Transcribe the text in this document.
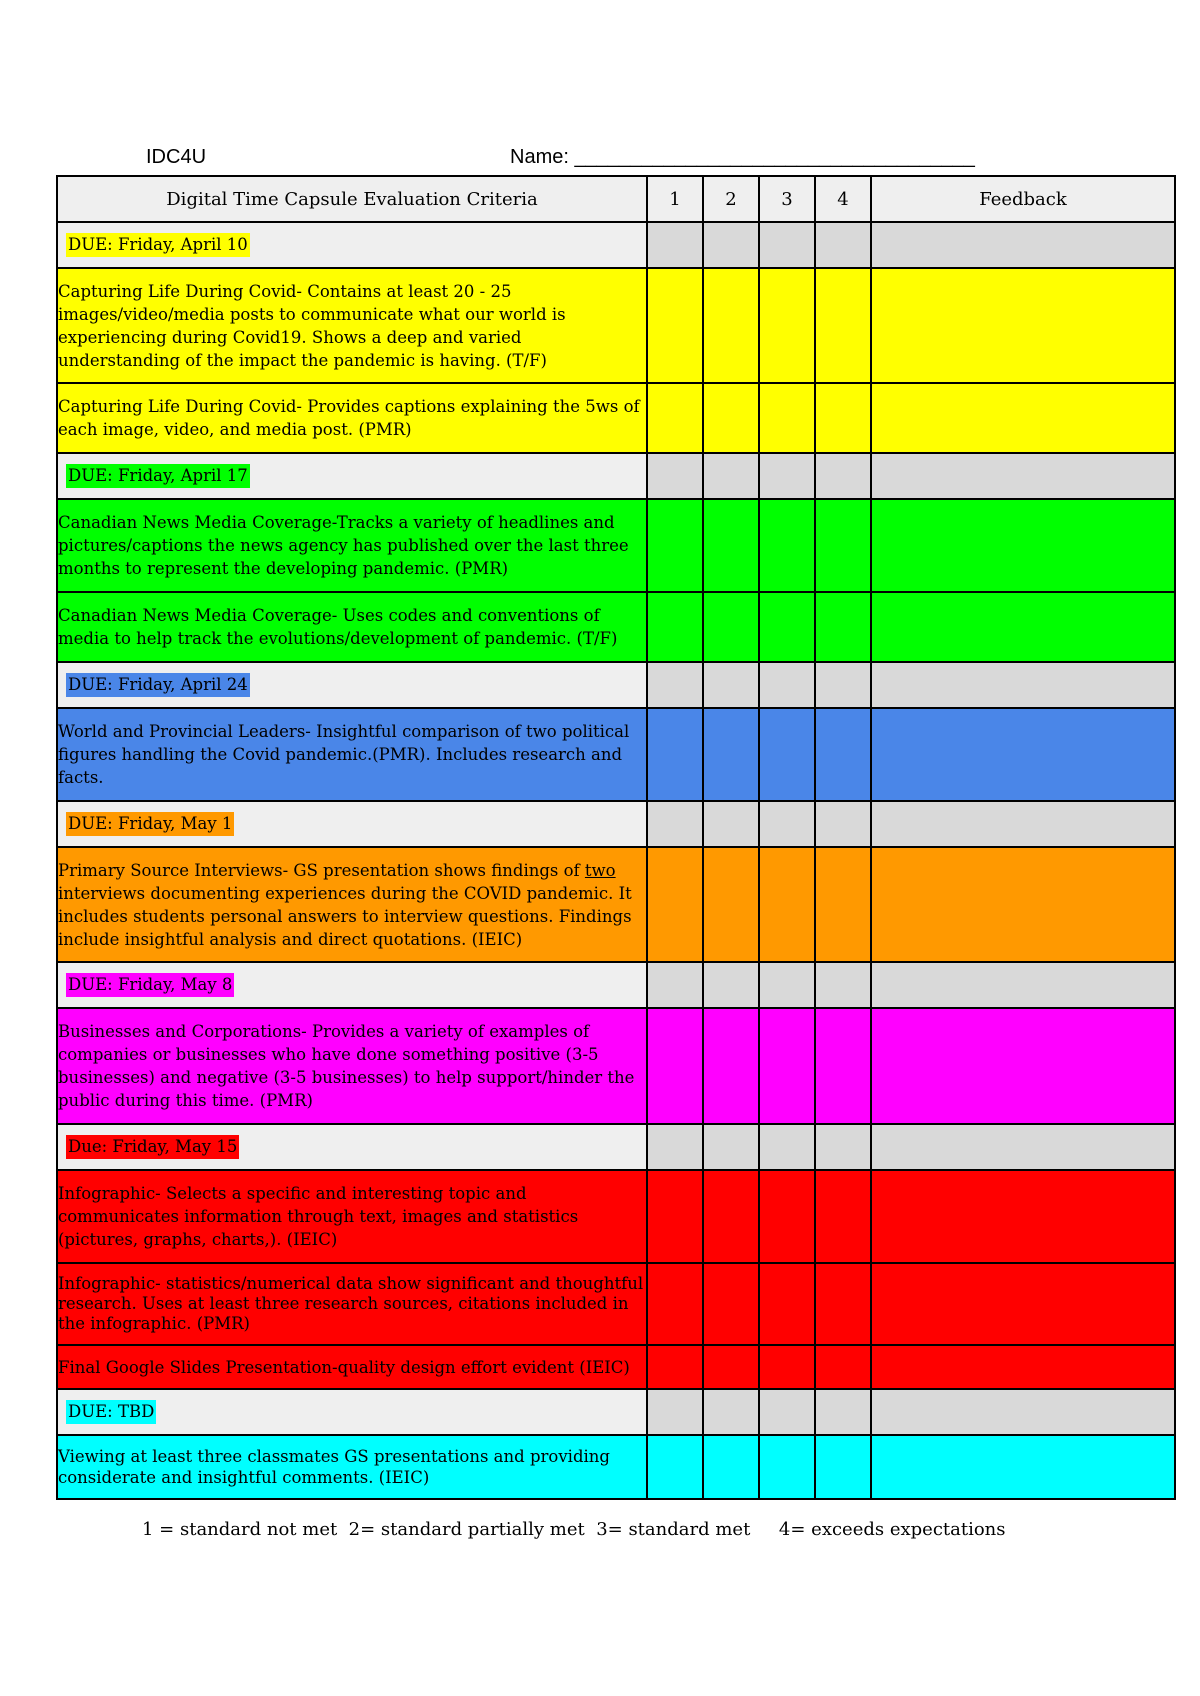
IDC4U	Name: ____________________________________
Digital Time Capsule Evaluation Criteria	1	2	3	4	Feedback
DUE: Friday, April 10					
Capturing Life During Covid- Contains at least 20 - 25 images/video/media posts to communicate what our world is experiencing during Covid19. Shows a deep and varied understanding of the impact the pandemic is having. (T/F)					
Capturing Life During Covid- Provides captions explaining the 5ws of each image, video, and media post. (PMR)					
DUE: Friday, April 17					
Canadian News Media Coverage-Tracks a variety of headlines and pictures/captions the news agency has published over the last three months to represent the developing pandemic. (PMR)					
Canadian News Media Coverage- Uses codes and conventions of media to help track the evolutions/development of pandemic. (T/F)					
DUE: Friday, April 24					
World and Provincial Leaders- Insightful comparison of two political figures handling the Covid pandemic.(PMR). Includes research and facts.					
DUE: Friday, May 1					
Primary Source Interviews- GS presentation shows findings of two interviews documenting experiences during the COVID pandemic. It includes students personal answers to interview questions. Findings include insightful analysis and direct quotations. (IEIC)					
DUE: Friday, May 8					
Businesses and Corporations- Provides a variety of examples of companies or businesses who have done something positive (3-5 businesses) and negative (3-5 businesses) to help support/hinder the public during this time. (PMR)					
Due: Friday, May 15					
Infographic- Selects a specific and interesting topic and communicates information through text, images and statistics (pictures, graphs, charts,). (IEIC)					
Infographic- statistics/numerical data show significant and thoughtful research. Uses at least three research sources, citations included in the infographic. (PMR)					
Final Google Slides Presentation-quality design effort evident (IEIC)					
DUE: TBD					
Viewing at least three classmates GS presentations and providing considerate and insightful comments. (IEIC)					
1 = standard not met  2= standard partially met  3= standard met     4= exceeds expectations
